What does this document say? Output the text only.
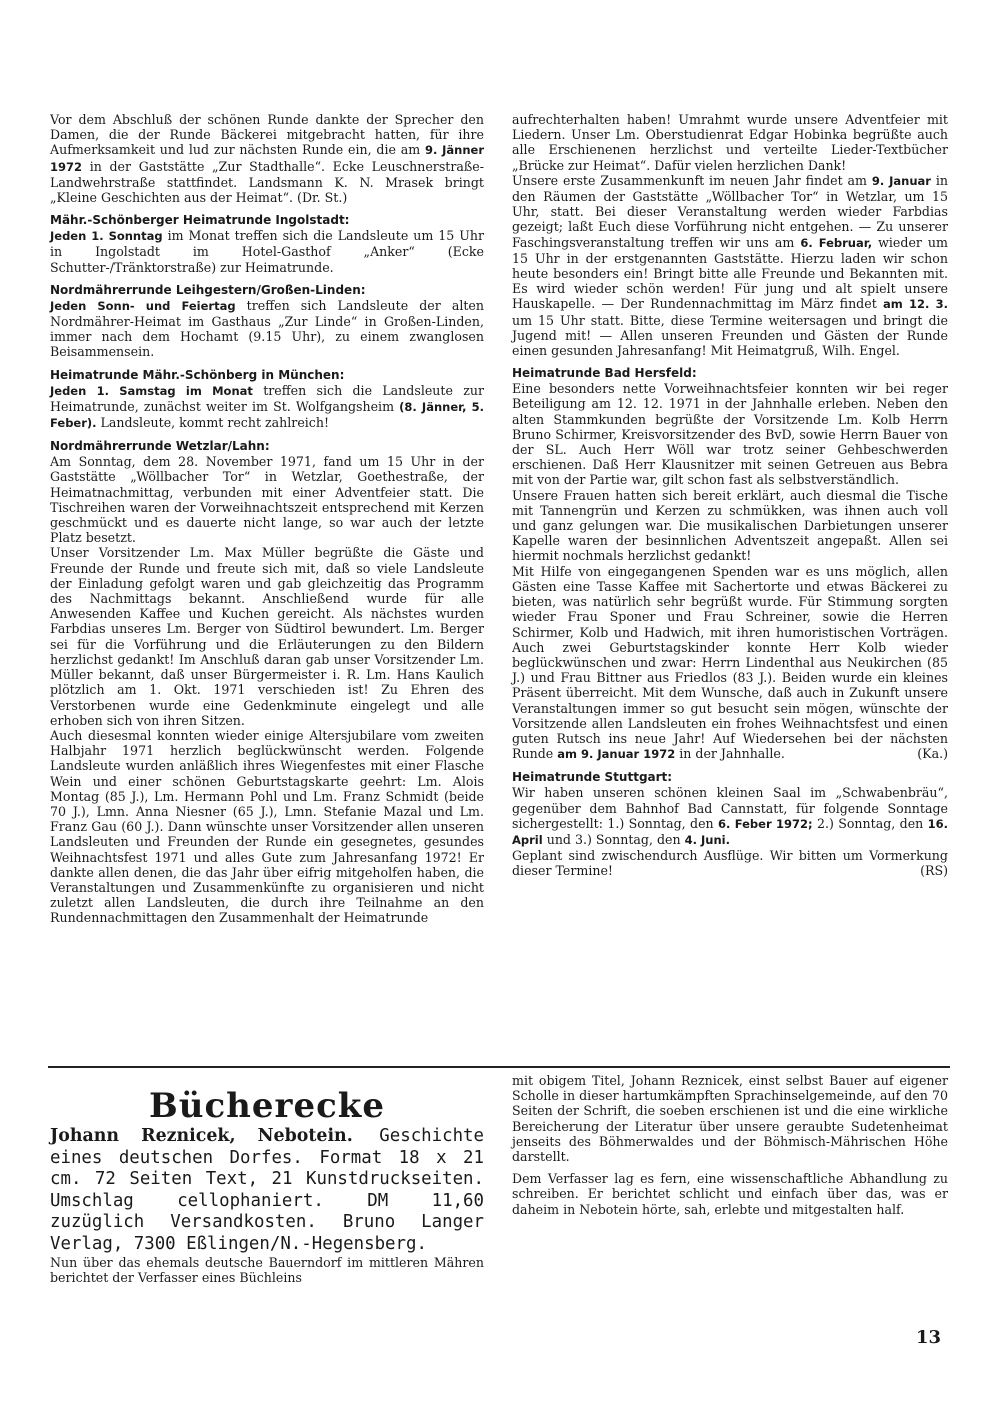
Vor dem Abschluß der schönen Runde dankte der Sprecher den Damen, die der Runde Bäckerei mitgebracht hatten, für ihre Aufmerksamkeit und lud zur nächsten Runde ein, die am 9. Jänner 1972 in der Gaststätte „Zur Stadthalle“. Ecke Leuschnerstraße-Landwehrstraße stattfindet. Landsmann K. N. Mrasek bringt „Kleine Geschichten aus der Heimat“. (Dr. St.)

Mähr.-Schönberger Heimatrunde Ingolstadt:

Jeden 1. Sonntag im Monat treffen sich die Landsleute um 15 Uhr in Ingolstadt im Hotel-Gasthof „Anker“ (Ecke Schutter-/Tränktorstraße) zur Heimatrunde.

Nordmährerrunde Leihgestern/Großen-Linden:

Jeden Sonn- und Feiertag treffen sich Landsleute der alten Nordmährer-Heimat im Gasthaus „Zur Linde“ in Großen-Linden, immer nach dem Hochamt (9.15 Uhr), zu einem zwanglosen Beisammensein.

Heimatrunde Mähr.-Schönberg in München:

Jeden 1. Samstag im Monat treffen sich die Landsleute zur Heimatrunde, zunächst weiter im St. Wolfgangsheim (8. Jänner, 5. Feber). Landsleute, kommt recht zahlreich!

Nordmährerrunde Wetzlar/Lahn:

Am Sonntag, dem 28. November 1971, fand um 15 Uhr in der Gaststätte „Wöllbacher Tor“ in Wetzlar, Goethestraße, der Heimatnachmittag, verbunden mit einer Adventfeier statt. Die Tischreihen waren der Vorweihnachtszeit entsprechend mit Kerzen geschmückt und es dauerte nicht lange, so war auch der letzte Platz besetzt.

Unser Vorsitzender Lm. Max Müller begrüßte die Gäste und Freunde der Runde und freute sich mit, daß so viele Landsleute der Einladung gefolgt waren und gab gleichzeitig das Programm des Nachmittags bekannt. Anschließend wurde für alle Anwesenden Kaffee und Kuchen gereicht. Als nächstes wurden Farbdias unseres Lm. Berger von Südtirol bewundert. Lm. Berger sei für die Vorführung und die Erläuterungen zu den Bildern herzlichst gedankt! Im Anschluß daran gab unser Vorsitzender Lm. Müller bekannt, daß unser Bürgermeister i. R. Lm. Hans Kaulich plötzlich am 1. Okt. 1971 verschieden ist! Zu Ehren des Verstorbenen wurde eine Gedenkminute eingelegt und alle erhoben sich von ihren Sitzen.

Auch diesesmal konnten wieder einige Altersjubilare vom zweiten Halbjahr 1971 herzlich beglückwünscht werden. Folgende Landsleute wurden anläßlich ihres Wiegenfestes mit einer Flasche Wein und einer schönen Geburtstagskarte geehrt: Lm. Alois Montag (85 J.), Lm. Hermann Pohl und Lm. Franz Schmidt (beide 70 J.), Lmn. Anna Niesner (65 J.), Lmn. Stefanie Mazal und Lm. Franz Gau (60 J.). Dann wünschte unser Vorsitzender allen unseren Landsleuten und Freunden der Runde ein gesegnetes, gesundes Weihnachtsfest 1971 und alles Gute zum Jahresanfang 1972! Er dankte allen denen, die das Jahr über eifrig mitgeholfen haben, die Veranstaltungen und Zusammenkünfte zu organisieren und nicht zuletzt allen Landsleuten, die durch ihre Teilnahme an den Rundennachmittagen den Zusammenhalt der Heimatrunde

aufrechterhalten haben! Umrahmt wurde unsere Adventfeier mit Liedern. Unser Lm. Oberstudienrat Edgar Hobinka begrüßte auch alle Erschienenen herzlichst und verteilte Lieder-Textbücher „Brücke zur Heimat“. Dafür vielen herzlichen Dank!

Unsere erste Zusammenkunft im neuen Jahr findet am 9. Januar in den Räumen der Gaststätte „Wöllbacher Tor“ in Wetzlar, um 15 Uhr, statt. Bei dieser Veranstaltung werden wieder Farbdias gezeigt; laßt Euch diese Vorführung nicht entgehen. — Zu unserer Faschingsveranstaltung treffen wir uns am 6. Februar, wieder um 15 Uhr in der erstgenannten Gaststätte. Hierzu laden wir schon heute besonders ein! Bringt bitte alle Freunde und Bekannten mit. Es wird wieder schön werden! Für jung und alt spielt unsere Hauskapelle. — Der Rundennachmittag im März findet am 12. 3. um 15 Uhr statt. Bitte, diese Termine weitersagen und bringt die Jugend mit! — Allen unseren Freunden und Gästen der Runde einen gesunden Jahresanfang! Mit Heimatgruß, Wilh. Engel.

Heimatrunde Bad Hersfeld:

Eine besonders nette Vorweihnachtsfeier konnten wir bei reger Beteiligung am 12. 12. 1971 in der Jahnhalle erleben. Neben den alten Stammkunden begrüßte der Vorsitzende Lm. Kolb Herrn Bruno Schirmer, Kreisvorsitzender des BvD, sowie Herrn Bauer von der SL. Auch Herr Wöll war trotz seiner Gehbeschwerden erschienen. Daß Herr Klausnitzer mit seinen Getreuen aus Bebra mit von der Partie war, gilt schon fast als selbstverständlich.

Unsere Frauen hatten sich bereit erklärt, auch diesmal die Tische mit Tannengrün und Kerzen zu schmükken, was ihnen auch voll und ganz gelungen war. Die musikalischen Darbietungen unserer Kapelle waren der besinnlichen Adventszeit angepaßt. Allen sei hiermit nochmals herzlichst gedankt!

Mit Hilfe von eingegangenen Spenden war es uns möglich, allen Gästen eine Tasse Kaffee mit Sachertorte und etwas Bäckerei zu bieten, was natürlich sehr begrüßt wurde. Für Stimmung sorgten wieder Frau Sponer und Frau Schreiner, sowie die Herren Schirmer, Kolb und Hadwich, mit ihren humoristischen Vorträgen. Auch zwei Geburtstagskinder konnte Herr Kolb wieder beglückwünschen und zwar: Herrn Lindenthal aus Neukirchen (85 J.) und Frau Bittner aus Friedlos (83 J.). Beiden wurde ein kleines Präsent überreicht. Mit dem Wunsche, daß auch in Zukunft unsere Veranstaltungen immer so gut besucht sein mögen, wünschte der Vorsitzende allen Landsleuten ein frohes Weihnachtsfest und einen guten Rutsch ins neue Jahr! Auf Wiedersehen bei der nächsten Runde am 9. Januar 1972 in der Jahnhalle.	(Ka.)

Heimatrunde Stuttgart:

Wir haben unseren schönen kleinen Saal im „Schwabenbräu“, gegenüber dem Bahnhof Bad Cannstatt, für folgende Sonntage sichergestellt: 1.) Sonntag, den 6. Feber 1972; 2.) Sonntag, den 16. April und 3.) Sonntag, den 4. Juni.

Geplant sind zwischendurch Ausflüge. Wir bitten um Vormerkung dieser Termine!	(RS)

Bücherecke

Johann Reznicek, Nebotein. Geschichte eines deutschen Dorfes. Format 18 x 21 cm. 72 Seiten Text, 21 Kunstdruckseiten. Umschlag cellophaniert. DM 11,60 zuzüglich Versandkosten. Bruno Langer Verlag, 7300 Eßlingen/N.-Hegensberg.

Nun über das ehemals deutsche Bauerndorf im mittleren Mähren berichtet der Verfasser eines Büchleins

mit obigem Titel, Johann Reznicek, einst selbst Bauer auf eigener Scholle in dieser hartumkämpften Sprachinselgemeinde, auf den 70 Seiten der Schrift, die soeben erschienen ist und die eine wirkliche Bereicherung der Literatur über unsere geraubte Sudetenheimat jenseits des Böhmerwaldes und der Böhmisch-Mährischen Höhe darstellt.

Dem Verfasser lag es fern, eine wissenschaftliche Abhandlung zu schreiben. Er berichtet schlicht und einfach über das, was er daheim in Nebotein hörte, sah, erlebte und mitgestalten half.

13
